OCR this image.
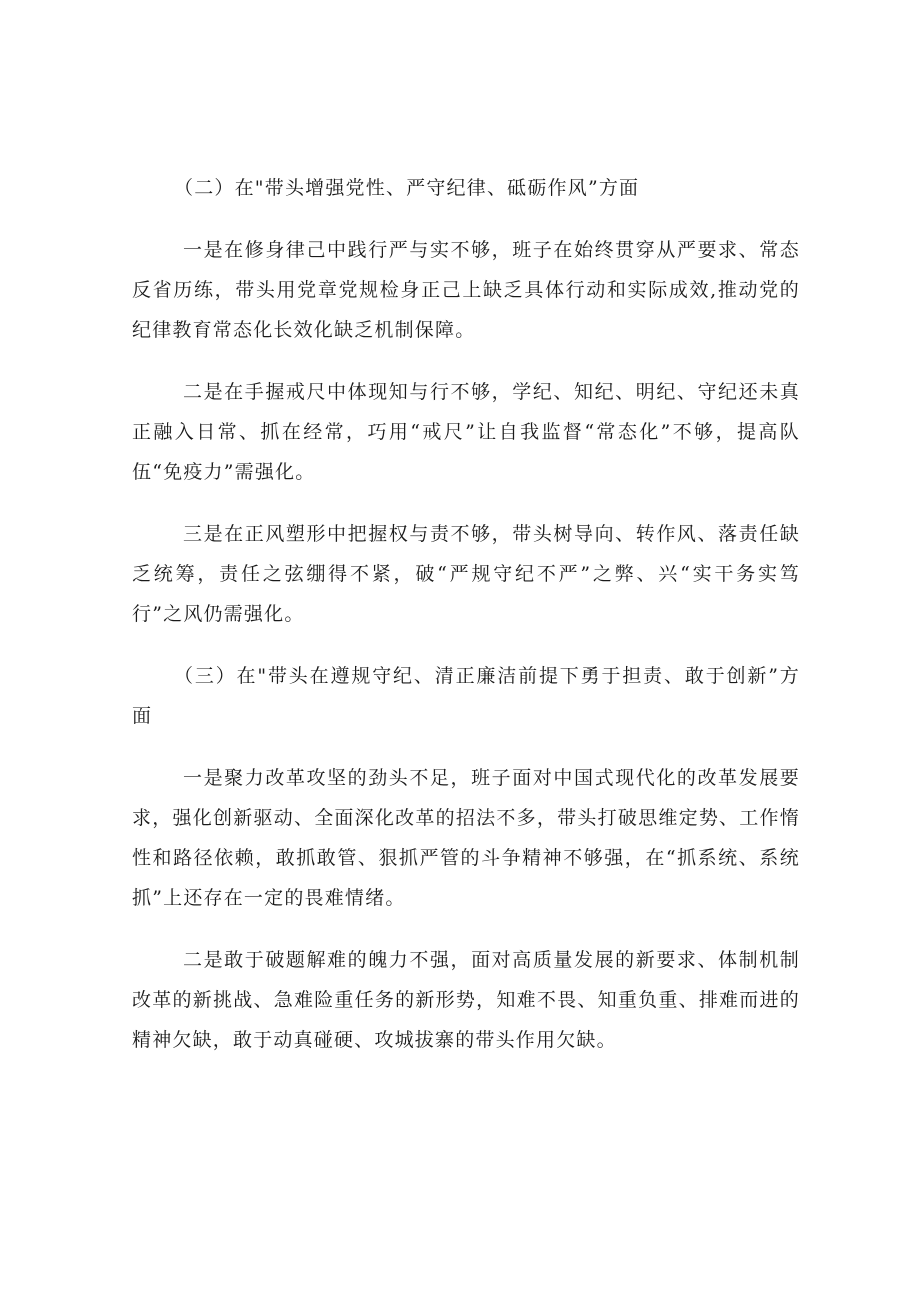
（二）在"带头增强党性、严守纪律、砥砺作风”方面

一是在修身律己中践行严与实不够，班子在始终贯穿从严要求、常态反省历练，带头用党章党规检身正己上缺乏具体行动和实际成效,推动党的纪律教育常态化长效化缺乏机制保障。

二是在手握戒尺中体现知与行不够，学纪、知纪、明纪、守纪还未真正融入日常、抓在经常，巧用“戒尺”让自我监督“常态化”不够，提高队伍“免疫力”需强化。

三是在正风塑形中把握权与责不够，带头树导向、转作风、落责任缺乏统筹，责任之弦绷得不紧，破“严规守纪不严”之弊、兴“实干务实笃行”之风仍需强化。

（三）在"带头在遵规守纪、清正廉洁前提下勇于担责、敢于创新”方面

一是聚力改革攻坚的劲头不足，班子面对中国式现代化的改革发展要求，强化创新驱动、全面深化改革的招法不多，带头打破思维定势、工作惰性和路径依赖，敢抓敢管、狠抓严管的斗争精神不够强，在“抓系统、系统抓”上还存在一定的畏难情绪。

二是敢于破题解难的魄力不强，面对高质量发展的新要求、体制机制改革的新挑战、急难险重任务的新形势，知难不畏、知重负重、排难而进的精神欠缺，敢于动真碰硬、攻城拔寨的带头作用欠缺。
